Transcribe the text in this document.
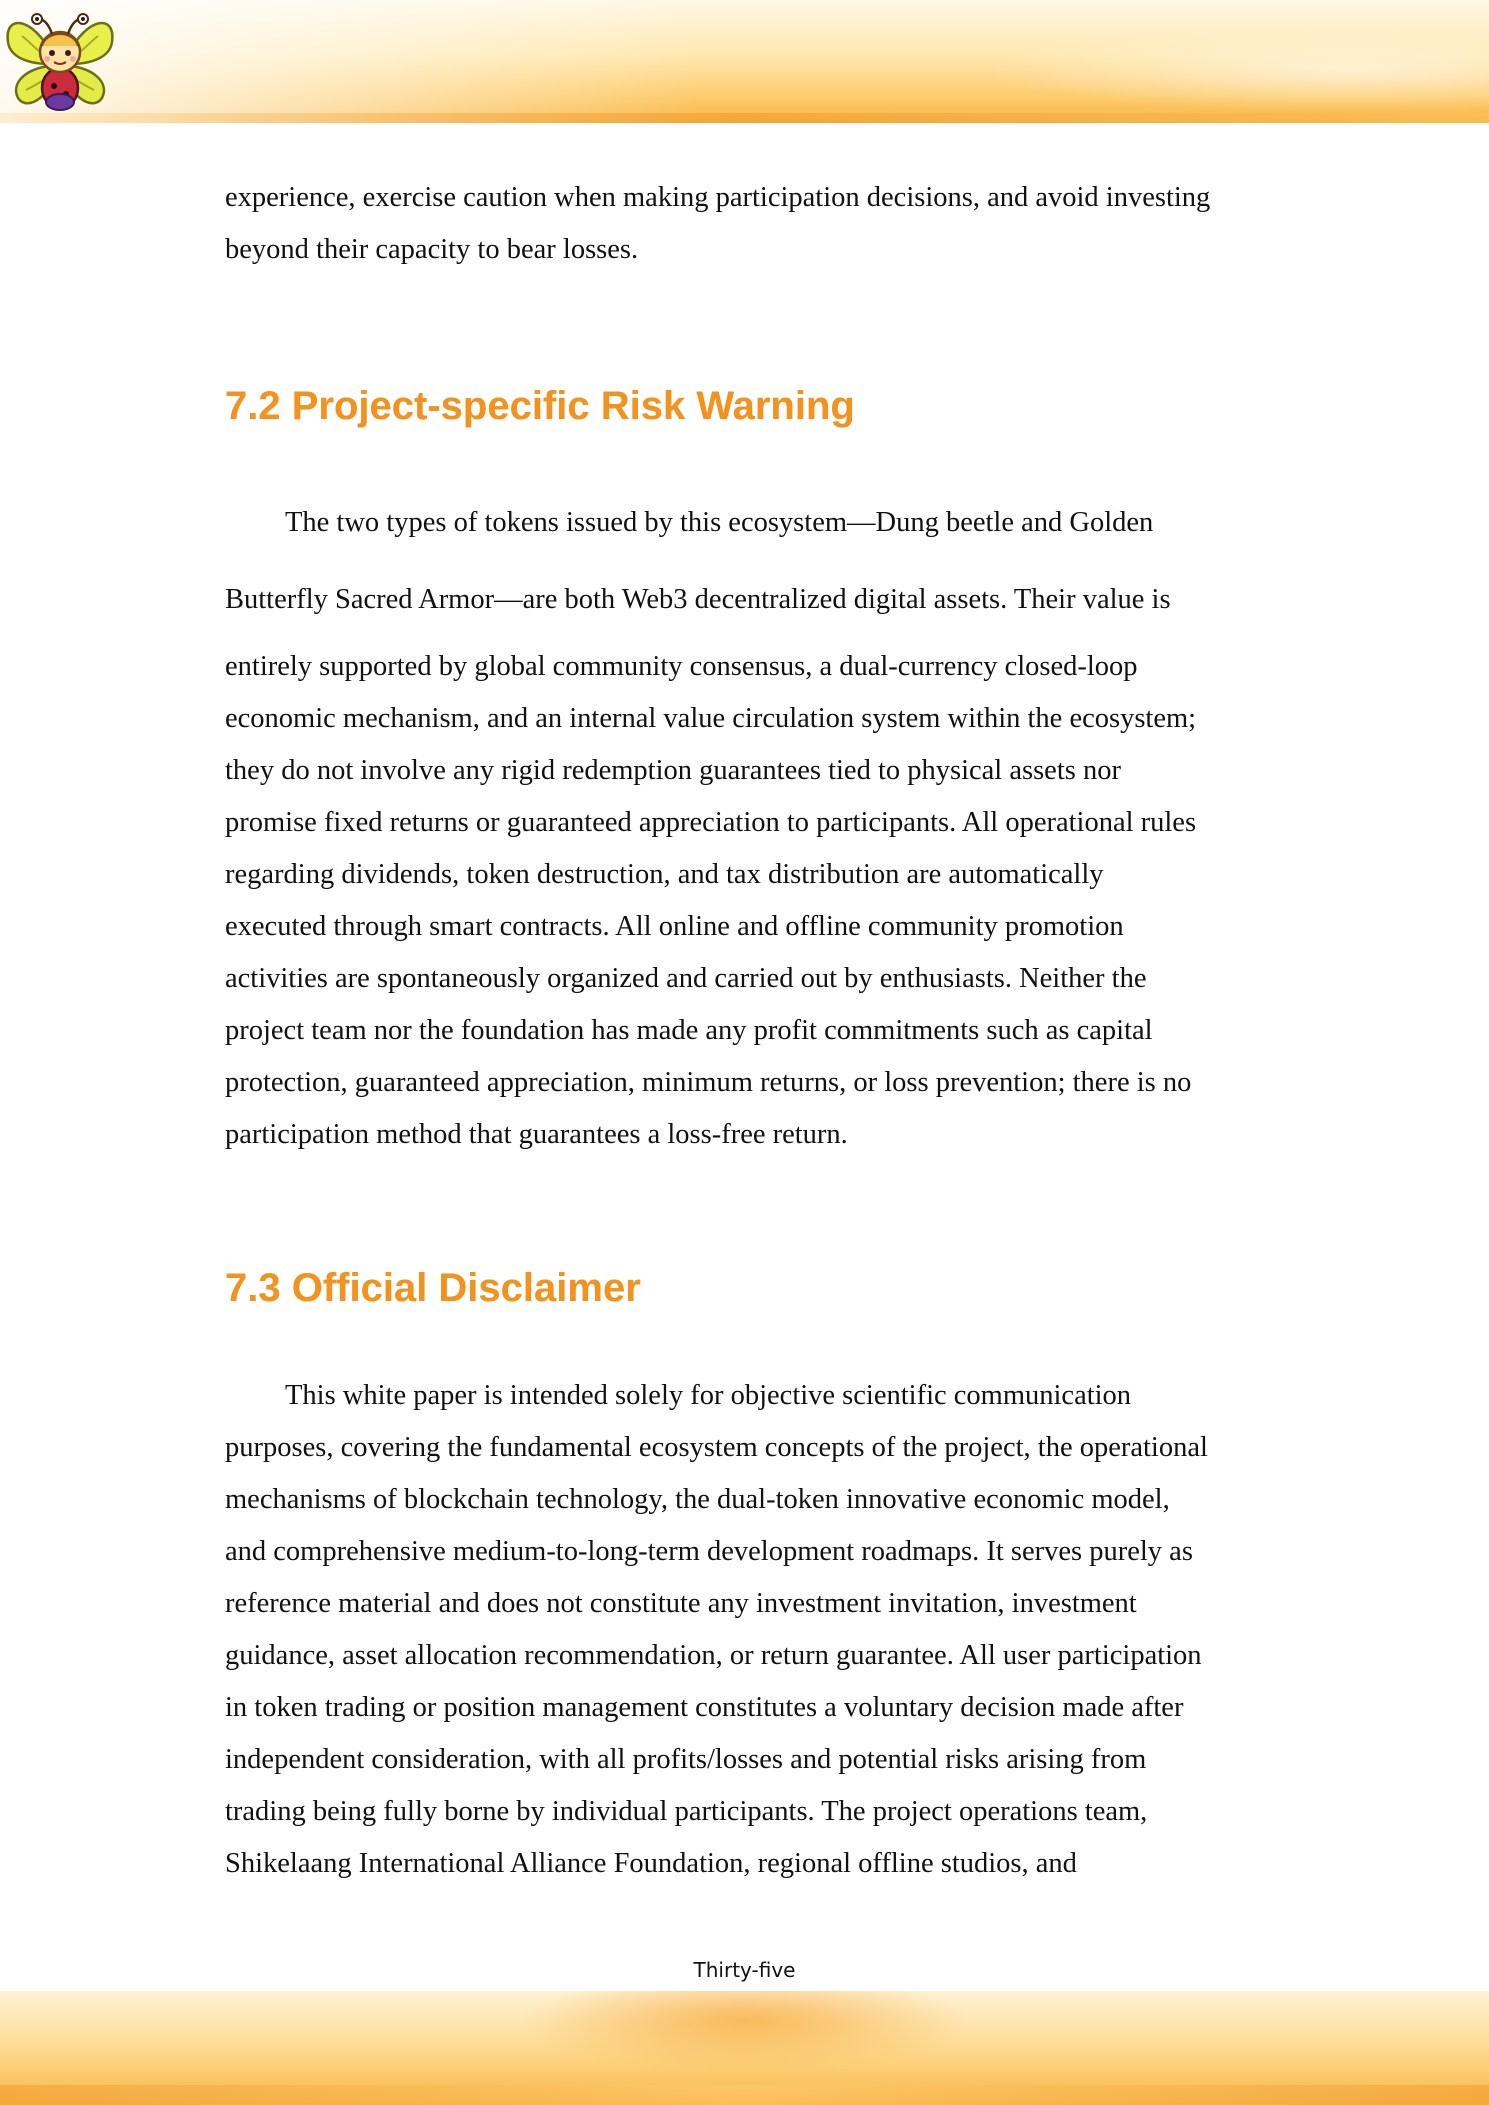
experience, exercise caution when making participation decisions, and avoid investing
beyond their capacity to bear losses.

7.2 Project-specific Risk Warning

The two types of tokens issued by this ecosystem—Dung beetle and Golden

Butterfly Sacred Armor—are both Web3 decentralized digital assets. Their value is

entirely supported by global community consensus, a dual-currency closed-loop
economic mechanism, and an internal value circulation system within the ecosystem;
they do not involve any rigid redemption guarantees tied to physical assets nor
promise fixed returns or guaranteed appreciation to participants. All operational rules
regarding dividends, token destruction, and tax distribution are automatically
executed through smart contracts. All online and offline community promotion
activities are spontaneously organized and carried out by enthusiasts. Neither the
project team nor the foundation has made any profit commitments such as capital
protection, guaranteed appreciation, minimum returns, or loss prevention; there is no
participation method that guarantees a loss-free return.

7.3 Official Disclaimer

This white paper is intended solely for objective scientific communication
purposes, covering the fundamental ecosystem concepts of the project, the operational
mechanisms of blockchain technology, the dual-token innovative economic model,
and comprehensive medium-to-long-term development roadmaps. It serves purely as
reference material and does not constitute any investment invitation, investment
guidance, asset allocation recommendation, or return guarantee. All user participation
in token trading or position management constitutes a voluntary decision made after
independent consideration, with all profits/losses and potential risks arising from
trading being fully borne by individual participants. The project operations team,
Shikelaang International Alliance Foundation, regional offline studios, and

Thirty-five
